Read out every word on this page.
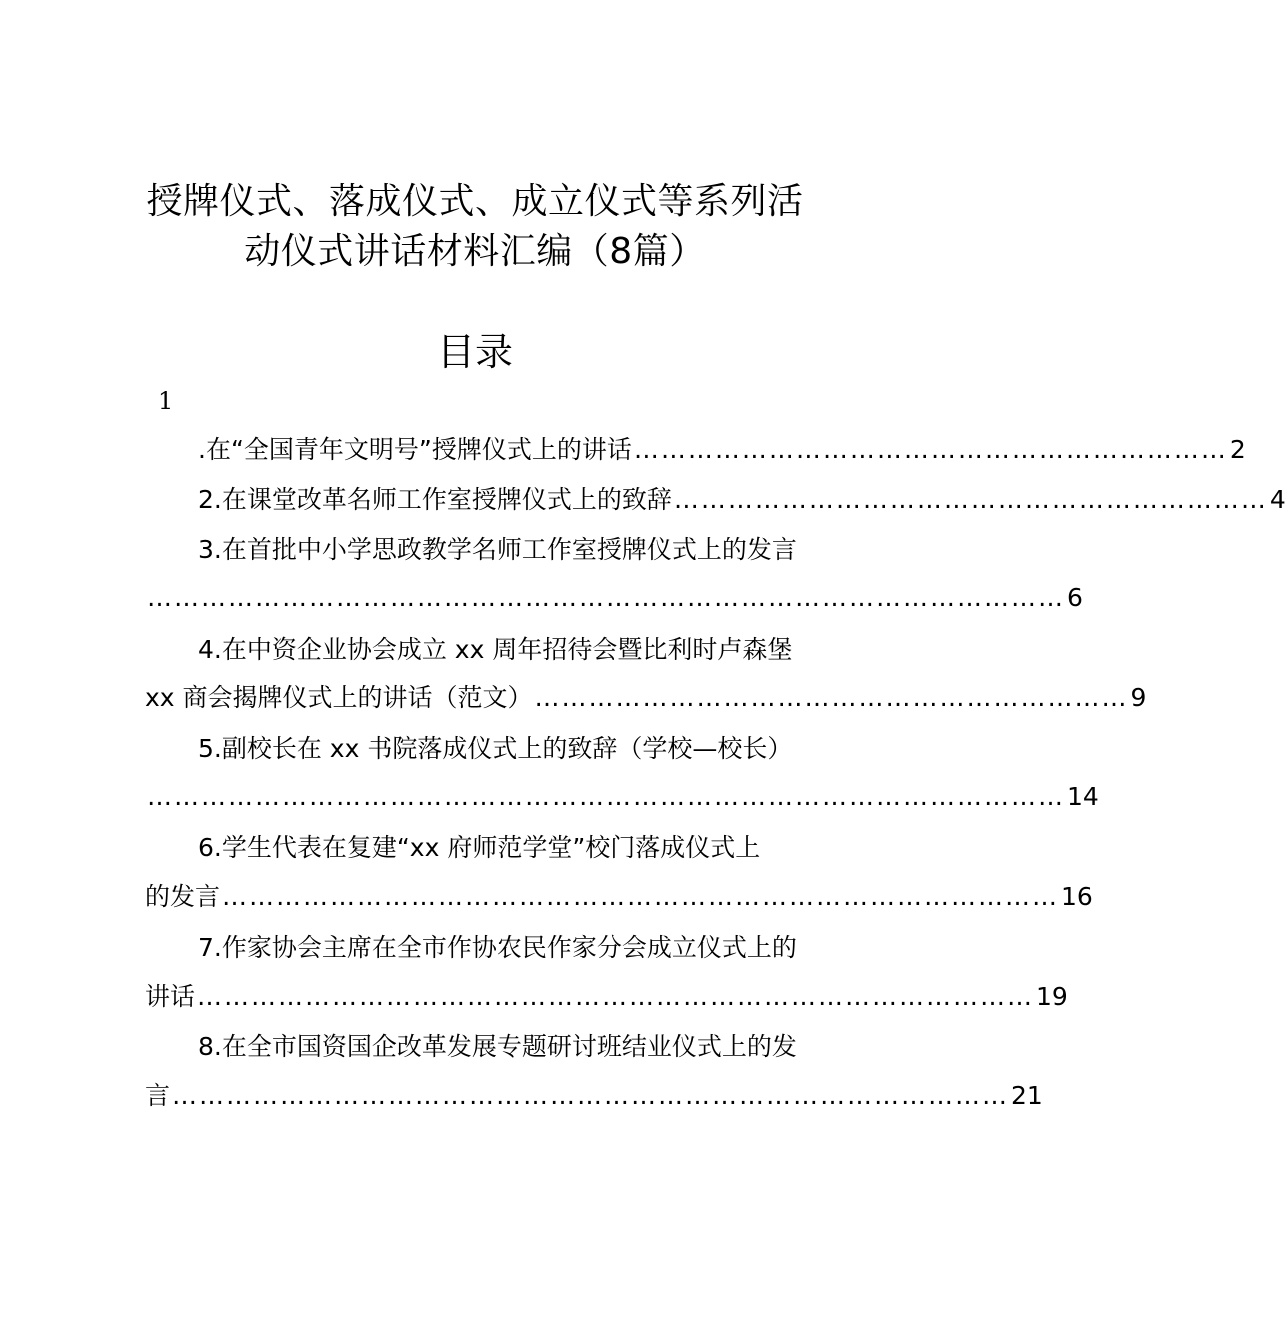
授牌仪式、落成仪式、成立仪式等系列活
动仪式讲话材料汇编（8篇）
目录
1
.在“全国青年文明号”授牌仪式上的讲话 ………………………………………………………… 2
2.在课堂改革名师工作室授牌仪式上的致辞 ………………………………………………………… 4
3.在首批中小学思政教学名师工作室授牌仪式上的发言
………………………………………………………………………………………… 6
4.在中资企业协会成立 xx 周年招待会暨比利时卢森堡
xx 商会揭牌仪式上的讲话（范文） ………………………………………………………… 9
5.副校长在 xx 书院落成仪式上的致辞（学校—校长）
………………………………………………………………………………………… 14
6.学生代表在复建“xx 府师范学堂”校门落成仪式上
的发言 ………………………………………………………………………………… 16
7.作家协会主席在全市作协农民作家分会成立仪式上的
讲话 ………………………………………………………………………………… 19
8.在全市国资国企改革发展专题研讨班结业仪式上的发
言 ………………………………………………………………………………… 21
